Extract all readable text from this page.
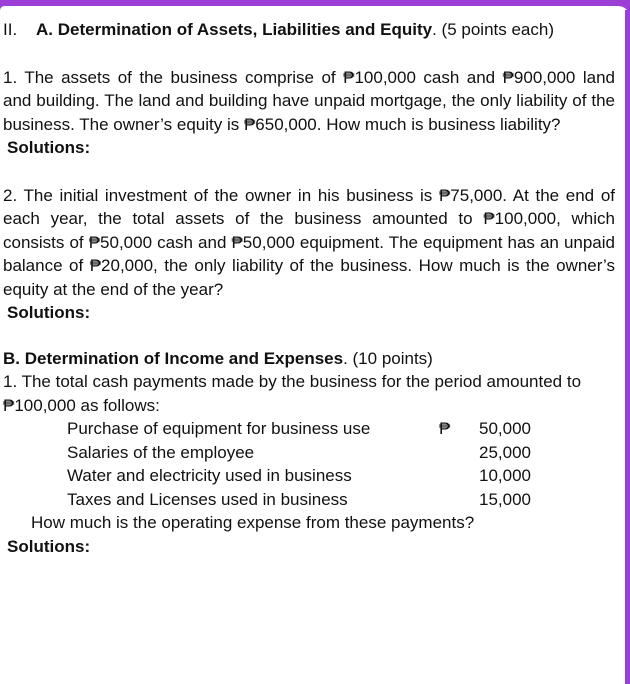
II.	A. Determination of Assets, Liabilities and Equity. (5 points each)

1. The assets of the business comprise of ₱100,000 cash and ₱900,000 land and building. The land and building have unpaid mortgage, the only liability of the business. The owner’s equity is ₱650,000. How much is business liability?

Solutions:

2. The initial investment of the owner in his business is ₱75,000. At the end of each year, the total assets of the business amounted to ₱100,000, which consists of ₱50,000 cash and ₱50,000 equipment. The equipment has an unpaid balance of ₱20,000, the only liability of the business. How much is the owner’s equity at the end of the year?

Solutions:

B. Determination of Income and Expenses. (10 points)

1. The total cash payments made by the business for the period amounted to ₱100,000 as follows:

Purchase of equipment for business use	₱	50,000
Salaries of the employee		25,000
Water and electricity used in business		10,000
Taxes and Licenses used in business		15,000

How much is the operating expense from these payments?

Solutions:
